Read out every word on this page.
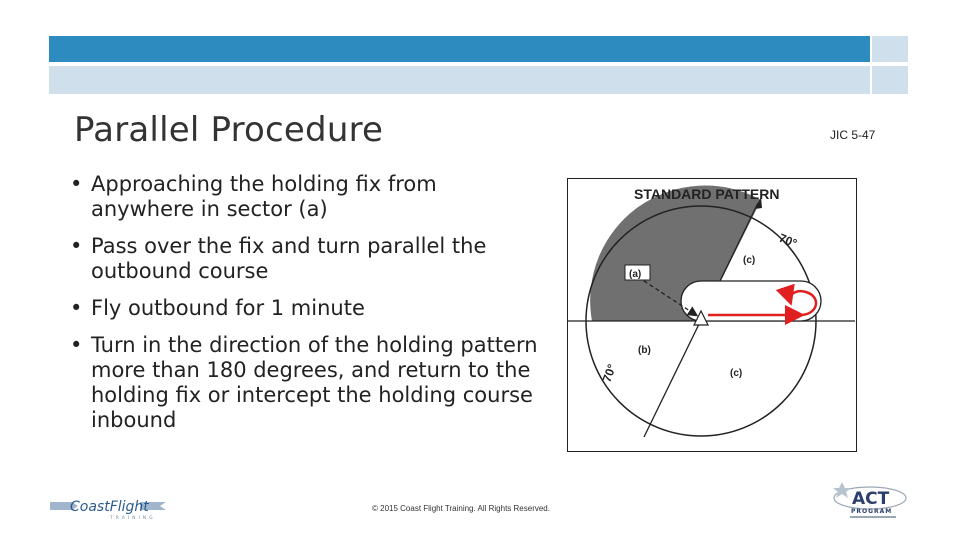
Parallel Procedure	JIC 5-47
• Approaching the holding fix from anywhere in sector (a)
• Pass over the fix and turn parallel the outbound course
• Fly outbound for 1 minute
• Turn in the direction of the holding pattern more than 180 degrees, and return to the holding fix or intercept the holding course inbound
STANDARD PATTERN
(a)
(b)
(c)
(c)
70°
70°
CoastFlight
TRAINING
© 2015 Coast Flight Training. All Rights Reserved.	ACT
PROGRAM
